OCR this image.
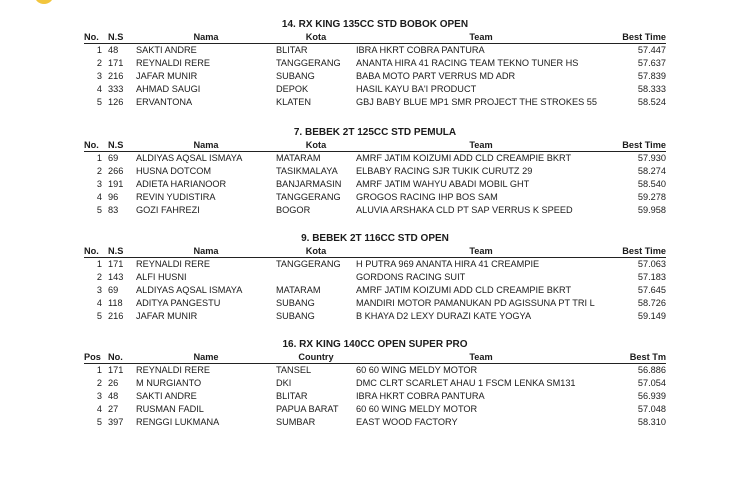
14. RX KING 135CC STD BOBOK OPEN
No.	N.S	Nama	Kota	Team	Best Time
1	48	SAKTI ANDRE	BLITAR	IBRA HKRT COBRA PANTURA	57.447
2	171	REYNALDI RERE	TANGGERANG	ANANTA HIRA 41 RACING TEAM TEKNO TUNER HS	57.637
3	216	JAFAR MUNIR	SUBANG	BABA MOTO PART VERRUS MD ADR	57.839
4	333	AHMAD SAUGI	DEPOK	HASIL KAYU BA'I PRODUCT	58.333
5	126	ERVANTONA	KLATEN	GBJ BABY BLUE MP1 SMR PROJECT THE STROKES 55	58.524
7. BEBEK 2T 125CC STD PEMULA
No.	N.S	Nama	Kota	Team	Best Time
1	69	ALDIYAS AQSAL ISMAYA	MATARAM	AMRF JATIM KOIZUMI ADD CLD CREAMPIE BKRT	57.930
2	266	HUSNA DOTCOM	TASIKMALAYA	ELBABY RACING SJR TUKIK CURUTZ 29	58.274
3	191	ADIETA HARIANOOR	BANJARMASIN	AMRF JATIM WAHYU ABADI MOBIL GHT	58.540
4	96	REVIN YUDISTIRA	TANGGERANG	GROGOS RACING IHP BOS SAM	59.278
5	83	GOZI FAHREZI	BOGOR	ALUVIA ARSHAKA CLD PT SAP VERRUS K SPEED	59.958
9. BEBEK 2T 116CC STD OPEN
No.	N.S	Nama	Kota	Team	Best Time
1	171	REYNALDI RERE	TANGGERANG	H PUTRA 969 ANANTA HIRA 41 CREAMPIE	57.063
2	143	ALFI HUSNI		GORDONS RACING SUIT	57.183
3	69	ALDIYAS AQSAL ISMAYA	MATARAM	AMRF JATIM KOIZUMI ADD CLD CREAMPIE BKRT	57.645
4	118	ADITYA PANGESTU	SUBANG	MANDIRI MOTOR PAMANUKAN PD AGISSUNA PT TRI L	58.726
5	216	JAFAR MUNIR	SUBANG	B KHAYA D2 LEXY DURAZI KATE YOGYA	59.149
16. RX KING 140CC OPEN SUPER PRO
Pos	No.	Name	Country	Team	Best Tm
1	171	REYNALDI RERE	TANSEL	60 60 WING MELDY MOTOR	56.886
2	26	M NURGIANTO	DKI	DMC CLRT SCARLET AHAU 1 FSCM LENKA SM131	57.054
3	48	SAKTI ANDRE	BLITAR	IBRA HKRT COBRA PANTURA	56.939
4	27	RUSMAN FADIL	PAPUA BARAT	60 60 WING MELDY MOTOR	57.048
5	397	RENGGI LUKMANA	SUMBAR	EAST WOOD FACTORY	58.310
